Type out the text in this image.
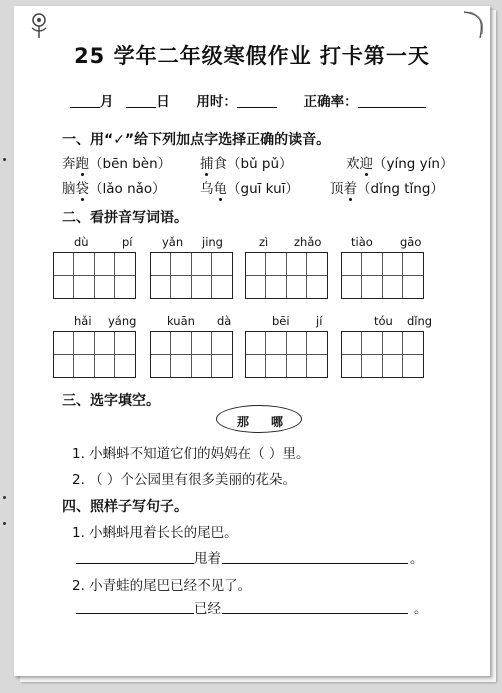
25 学年二年级寒假作业 打卡第一天
月	日 用时：	正确率：
一、用“✓”给下列加点字选择正确的读音。
奔跑（bēn bèn） 捕食（bǔ pǔ）	欢迎（yíng yín）
脑袋（lǎo nǎo）	乌龟（guī kuī） 顶着（dǐng tǐng）
二、看拼音写词语。
dù	pí	yǎn jing	zì zhǎo	tiào gāo
hǎi yáng	kuān dà	bēi jí	tóu dǐng
三、选字填空。
那 哪
1. 小蝌蚪不知道它们的妈妈在（ ）里。
2. （ ）个公园里有很多美丽的花朵。
四、照样子写句子。
1. 小蝌蚪甩着长长的尾巴。
甩着	。
2. 小青蛙的尾巴已经不见了。
已经	。
